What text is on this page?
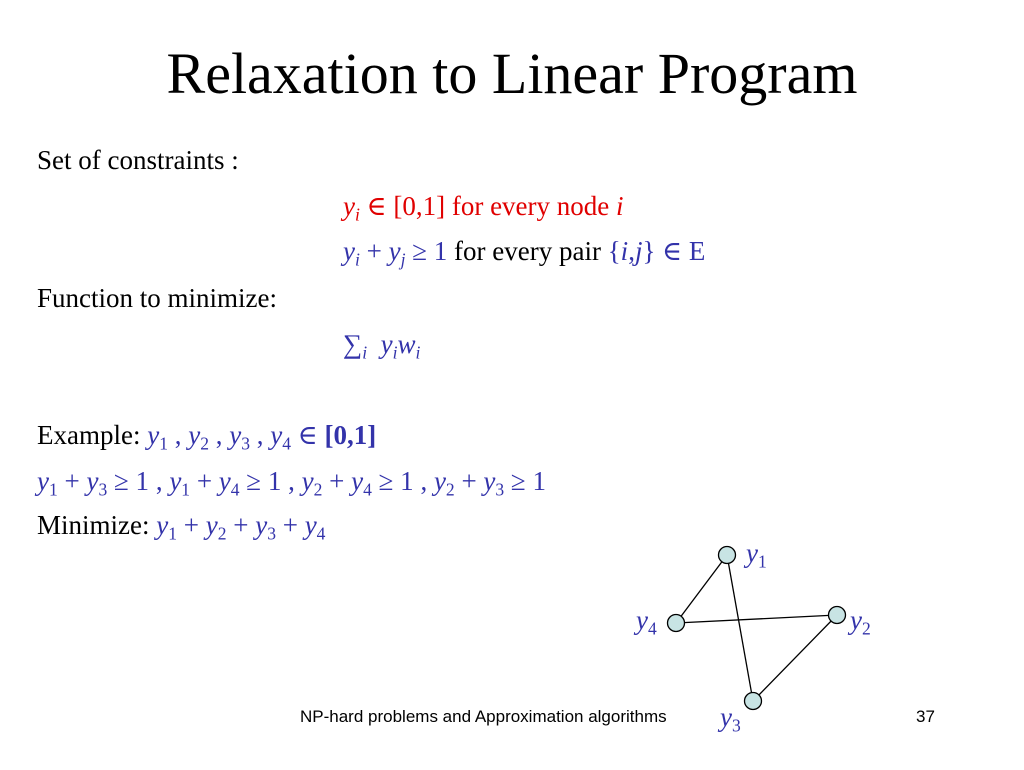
Relaxation to Linear Program
Set of constraints :
$y_i$ ∈ [0,1] for every node i
$y_i + y_j \ge 1$ for every pair {i,j} ∈ E
Function to minimize:
$\sum_i$ $y_iw_i$
Example: $y_1$ , $y_2$ , $y_3$ , $y_4$ ∈ [0,1]
$y_1 + y_3 \ge 1$ , $y_1 + y_4 \ge 1$ , $y_2 + y_4 \ge 1$ , $y_2 + y_3 \ge 1$
Minimize: $y_1 + y_2 + y_3 + y_4$
$y_1$
$y_2$
$y_3$
$y_4$
NP-hard problems and Approximation algorithms	37
